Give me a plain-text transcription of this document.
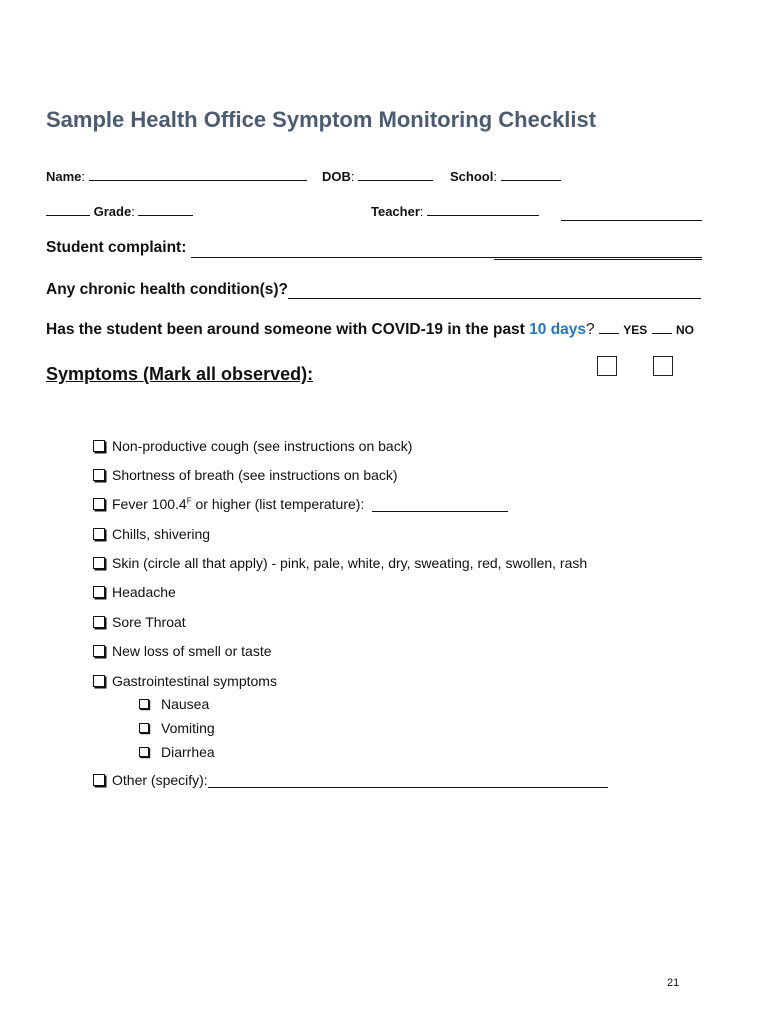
Sample Health Office Symptom Monitoring Checklist
Name:	DOB:	School:
Grade:	Teacher:
Student complaint:
Any chronic health condition(s)?
Has the student been around someone with COVID-19 in the past 10 days? YES NO
Symptoms (Mark all observed):
Non-productive cough (see instructions on back)
Shortness of breath (see instructions on back)
Fever $100.4^F$ or higher (list temperature):
Chills, shivering
Skin (circle all that apply) - pink, pale, white, dry, sweating, red, swollen, rash
Headache
Sore Throat
New loss of smell or taste
Gastrointestinal symptoms
Nausea
Vomiting
Diarrhea
Other (specify):
21
